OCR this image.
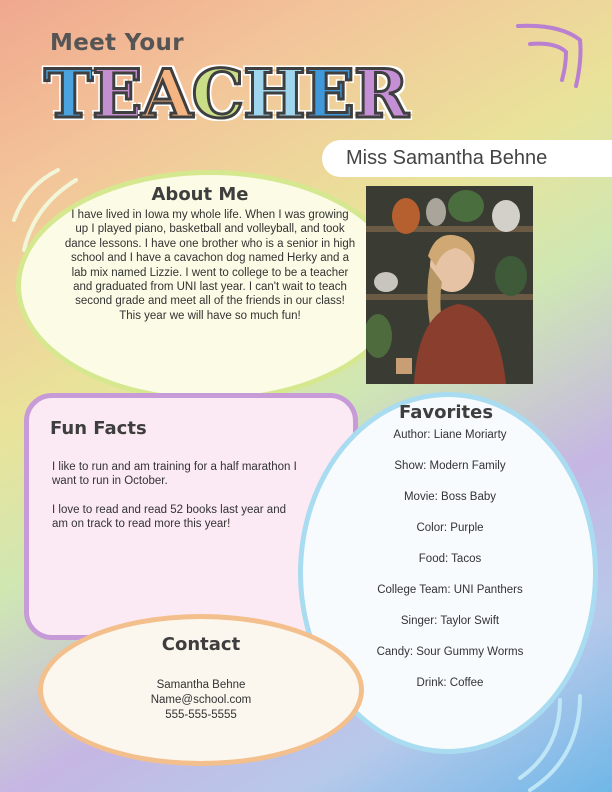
Meet Your
T E A C H E R
Miss Samantha Behne
About Me
I have lived in Iowa my whole life. When I was growing up I played piano, basketball and volleyball, and took dance lessons. I have one brother who is a senior in high school and I have a cavachon dog named Herky and a lab mix named Lizzie. I went to college to be a teacher and graduated from UNI last year. I can't wait to teach second grade and meet all of the friends in our class! This year we will have so much fun!
Fun Facts

I like to run and am training for a half marathon I want to run in October.

I love to read and read 52 books last year and am on track to read more this year!

Favorites
Author: Liane Moriarty
Show: Modern Family
Movie: Boss Baby
Color: Purple
Food: Tacos
College Team: UNI Panthers
Singer: Taylor Swift
Candy: Sour Gummy Worms
Drink: Coffee
Contact
Samantha Behne
Name@school.com
555-555-5555
